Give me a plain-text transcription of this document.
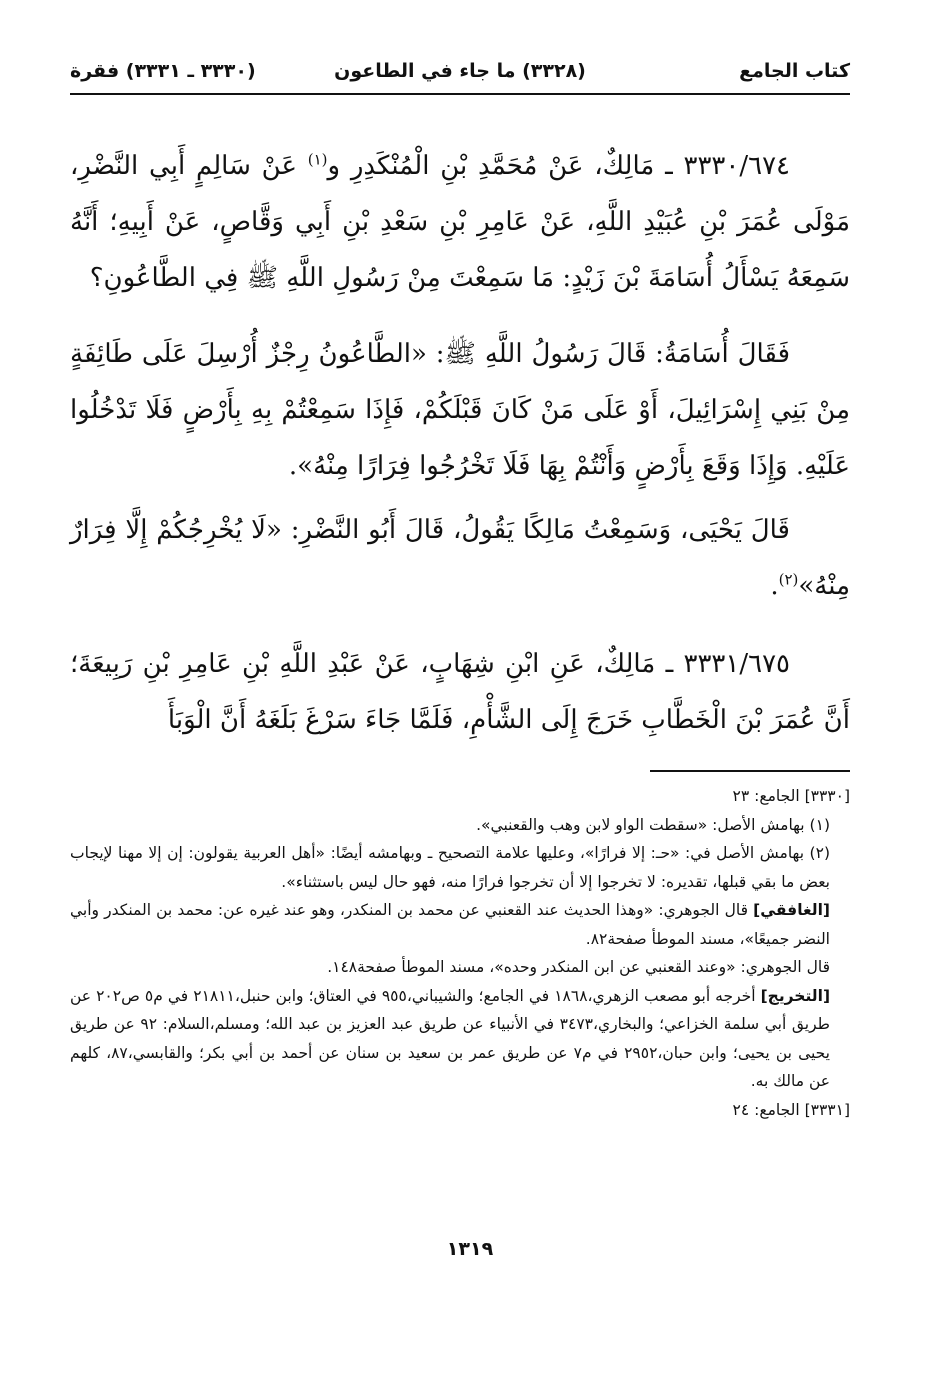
كتاب الجامع
(٣٣٢٨) ما جاء في الطاعون
(٣٣٣٠ ـ ٣٣٣١) فقرة

٣٣٣٠/٦٧٤ ـ مَالِكٌ، عَنْ مُحَمَّدِ بْنِ الْمُنْكَدِرِ و$^{(١)}$ عَنْ سَالِمٍ أَبِي النَّضْرِ، مَوْلَى عُمَرَ بْنِ عُبَيْدِ اللَّهِ، عَنْ عَامِرِ بْنِ سَعْدِ بْنِ أَبِي وَقَّاصٍ، عَنْ أَبِيهِ؛ أَنَّهُ سَمِعَهُ يَسْأَلُ أُسَامَةَ بْنَ زَيْدٍ: مَا سَمِعْتَ مِنْ رَسُولِ اللَّهِ ﷺ فِي الطَّاعُونِ؟

فَقَالَ أُسَامَةُ: قَالَ رَسُولُ اللَّهِ ﷺ: «الطَّاعُونُ رِجْزٌ أُرْسِلَ عَلَى طَائِفَةٍ مِنْ بَنِي إِسْرَائِيلَ، أَوْ عَلَى مَنْ كَانَ قَبْلَكُمْ، فَإِذَا سَمِعْتُمْ بِهِ بِأَرْضٍ فَلَا تَدْخُلُوا عَلَيْهِ. وَإِذَا وَقَعَ بِأَرْضٍ وَأَنْتُمْ بِهَا فَلَا تَخْرُجُوا فِرَارًا مِنْهُ».

قَالَ يَحْيَى، وَسَمِعْتُ مَالِكًا يَقُولُ، قَالَ أَبُو النَّضْرِ: «لَا يُخْرِجُكُمْ إِلَّا فِرَارٌ مِنْهُ»$^{(٢)}$.

٣٣٣١/٦٧٥ ـ مَالِكٌ، عَنِ ابْنِ شِهَابٍ، عَنْ عَبْدِ اللَّهِ بْنِ عَامِرِ بْنِ رَبِيعَةَ؛ أَنَّ عُمَرَ بْنَ الْخَطَّابِ خَرَجَ إِلَى الشَّأْمِ، فَلَمَّا جَاءَ سَرْغَ بَلَغَهُ أَنَّ الْوَبَأَ

[٣٣٣٠] الجامع: ٢٣
(١) بهامش الأصل: «سقطت الواو لابن وهب والقعنبي».
(٢) بهامش الأصل في: «حـ: إلا فرارًا»، وعليها علامة التصحيح ـ وبهامشه أيضًا: «أهل العربية يقولون: إن إلا مهنا لإيجاب بعض ما بقي قبلها، تقديره: لا تخرجوا إلا أن تخرجوا فرارًا منه، فهو حال ليس باستثناء».
[الغافقي] قال الجوهري: «وهذا الحديث عند القعنبي عن محمد بن المنكدر، وهو عند غيره عن: محمد بن المنكدر وأبي النضر جميعًا»، مسند الموطأ صفحة٨٢.
قال الجوهري: «وعند القعنبي عن ابن المنكدر وحده»، مسند الموطأ صفحة١٤٨.
[التخريج] أخرجه أبو مصعب الزهري،١٨٦٨ في الجامع؛ والشيباني،٩٥٥ في العتاق؛ وابن حنبل،٢١٨١١ في م٥ ص٢٠٢ عن طريق أبي سلمة الخزاعي؛ والبخاري،٣٤٧٣ في الأنبياء عن طريق عبد العزيز بن عبد الله؛ ومسلم،السلام: ٩٢ عن طريق يحيى بن يحيى؛ وابن حبان،٢٩٥٢ في م٧ عن طريق عمر بن سعيد بن سنان عن أحمد بن أبي بكر؛ والقابسي،٨٧، كلهم عن مالك به.
[٣٣٣١] الجامع: ٢٤
١٣١٩
